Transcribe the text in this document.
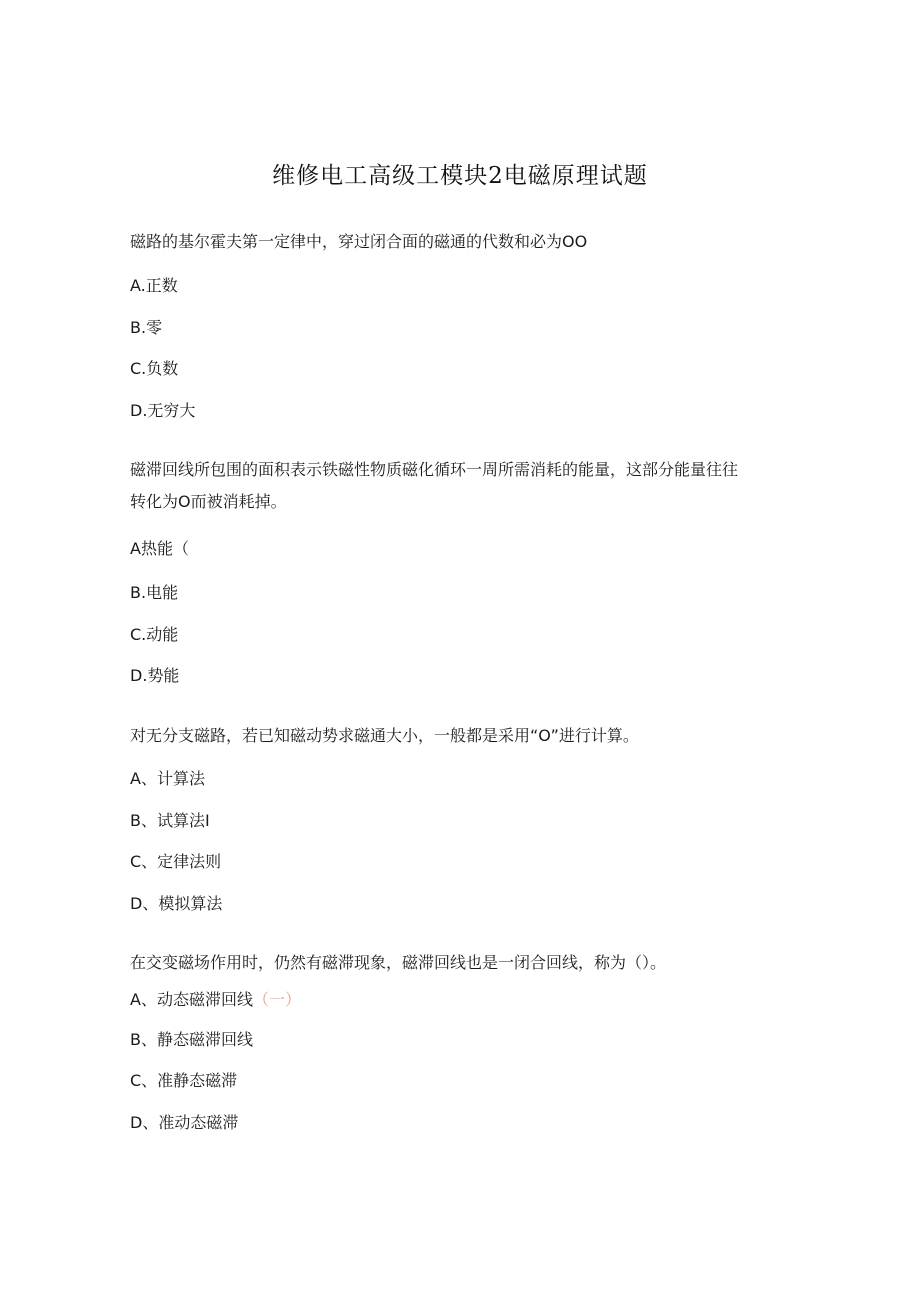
维修电工高级工模块2电磁原理试题
磁路的基尔霍夫第一定律中，穿过闭合面的磁通的代数和必为OO
A.正数
B.零
C.负数
D.无穷大
磁滞回线所包围的面积表示铁磁性物质磁化循环一周所需消耗的能量，这部分能量往往
转化为O而被消耗掉。
A热能（
B.电能
C.动能
D.势能
对无分支磁路，若已知磁动势求磁通大小，一般都是采用“O”进行计算。
A、计算法
B、试算法I
C、定律法则
D、模拟算法
在交变磁场作用时，仍然有磁滞现象，磁滞回线也是一闭合回线，称为（）。
A、动态磁滞回线（一）
B、静态磁滞回线
C、准静态磁滞
D、准动态磁滞
